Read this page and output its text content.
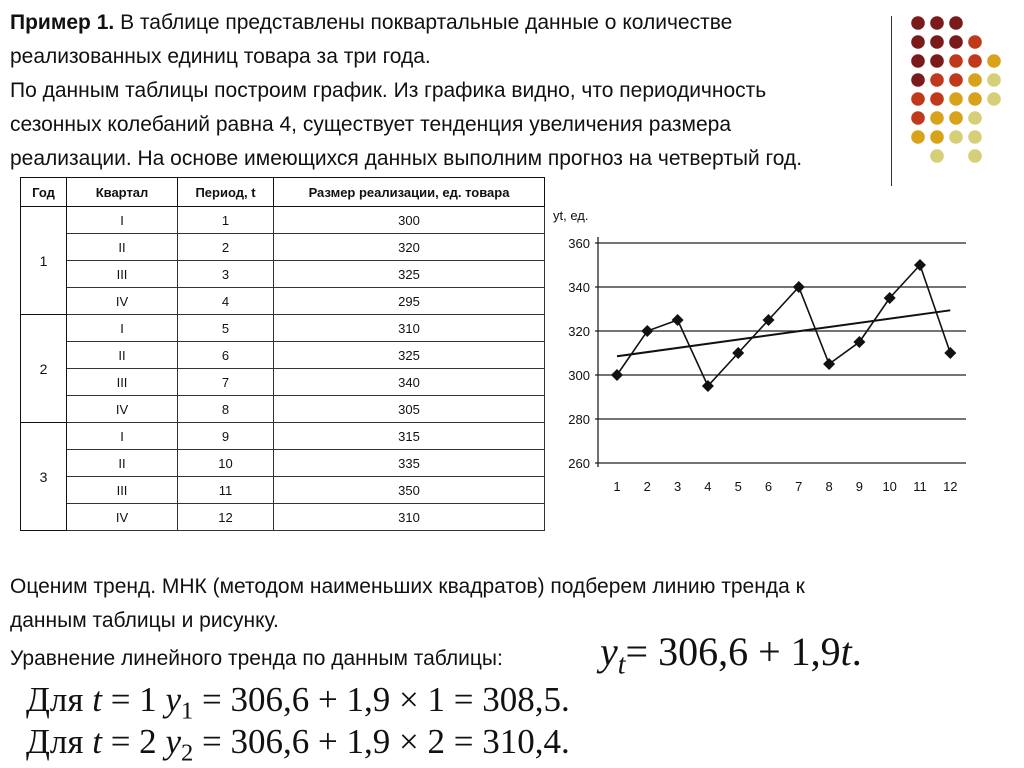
Пример 1. В таблице представлены поквартальные данные о количестве
реализованных единиц товара за три года.
По данным таблицы построим график. Из графика видно, что периодичность
сезонных колебаний равна 4, существует тенденция увеличения размера
реализации. На основе имеющихся данных выполним прогноз на четвертый год.

Год	Квартал	Период, t	Размер реализации, ед. товара
1	I	1	300
	II	2	320
	III	3	325
	IV	4	295
2	I	5	310
	II	6	325
	III	7	340
	IV	8	305
3	I	9	315
	II	10	335
	III	11	350
	IV	12	310
260
280
300
320
340
360
yt, ед.
1 2 3 4 5 6 7 8 9 10 11 12

Оценим тренд. МНК (методом наименьших квадратов) подберем линию тренда к
данным таблицы и рисунку.

Уравнение линейного тренда по данным таблицы: $y_t= 306,6 + 1,9t$.
Для t = 1 $y_1 = 306,6 + 1,9 \times 1 = 308,5$.
Для t = 2 $y_2 = 306,6 + 1,9 \times 2 = 310,4$.
